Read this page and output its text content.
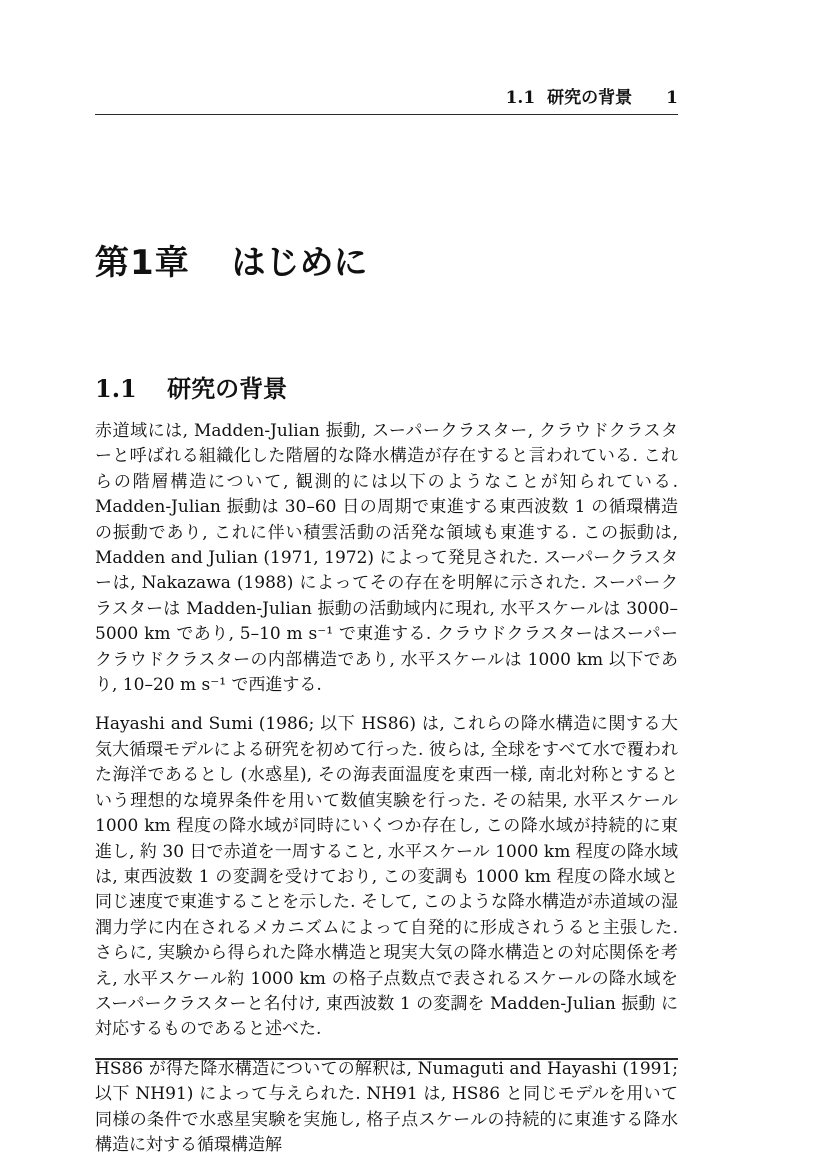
1.1 研究の背景 1
第1章 はじめに
1.1 研究の背景

赤道域には, Madden-Julian 振動, スーパークラスター, クラウドクラスターと呼ばれる組織化した階層的な降水構造が存在すると言われている. これらの階層構造について, 観測的には以下のようなことが知られている. Madden-Julian 振動は 30–60 日の周期で東進する東西波数 1 の循環構造の振動であり, これに伴い積雲活動の活発な領域も東進する. この振動は, Madden and Julian (1971, 1972) によって発見された. スーパークラスターは, Nakazawa (1988) によってその存在を明解に示された. スーパークラスターは Madden-Julian 振動の活動域内に現れ, 水平スケールは 3000–5000 km であり, 5–10 m s⁻¹ で東進する. クラウドクラスターはスーパークラウドクラスターの内部構造であり, 水平スケールは 1000 km 以下であり, 10–20 m s⁻¹ で西進する.

Hayashi and Sumi (1986; 以下 HS86) は, これらの降水構造に関する大気大循環モデルによる研究を初めて行った. 彼らは, 全球をすべて水で覆われた海洋であるとし (水惑星), その海表面温度を東西一様, 南北対称とするという理想的な境界条件を用いて数値実験を行った. その結果, 水平スケール 1000 km 程度の降水域が同時にいくつか存在し, この降水域が持続的に東進し, 約 30 日で赤道を一周すること, 水平スケール 1000 km 程度の降水域は, 東西波数 1 の変調を受けており, この変調も 1000 km 程度の降水域と同じ速度で東進することを示した. そして, このような降水構造が赤道域の湿潤力学に内在されるメカニズムによって自発的に形成されうると主張した. さらに, 実験から得られた降水構造と現実大気の降水構造との対応関係を考え, 水平スケール約 1000 km の格子点数点で表されるスケールの降水域をスーパークラスターと名付け, 東西波数 1 の変調を Madden-Julian 振動 に対応するものであると述べた.

HS86 が得た降水構造についての解釈は, Numaguti and Hayashi (1991; 以下 NH91) によって与えられた. NH91 は, HS86 と同じモデルを用いて同様の条件で水惑星実験を実施し, 格子点スケールの持続的に東進する降水構造に対する循環構造解
